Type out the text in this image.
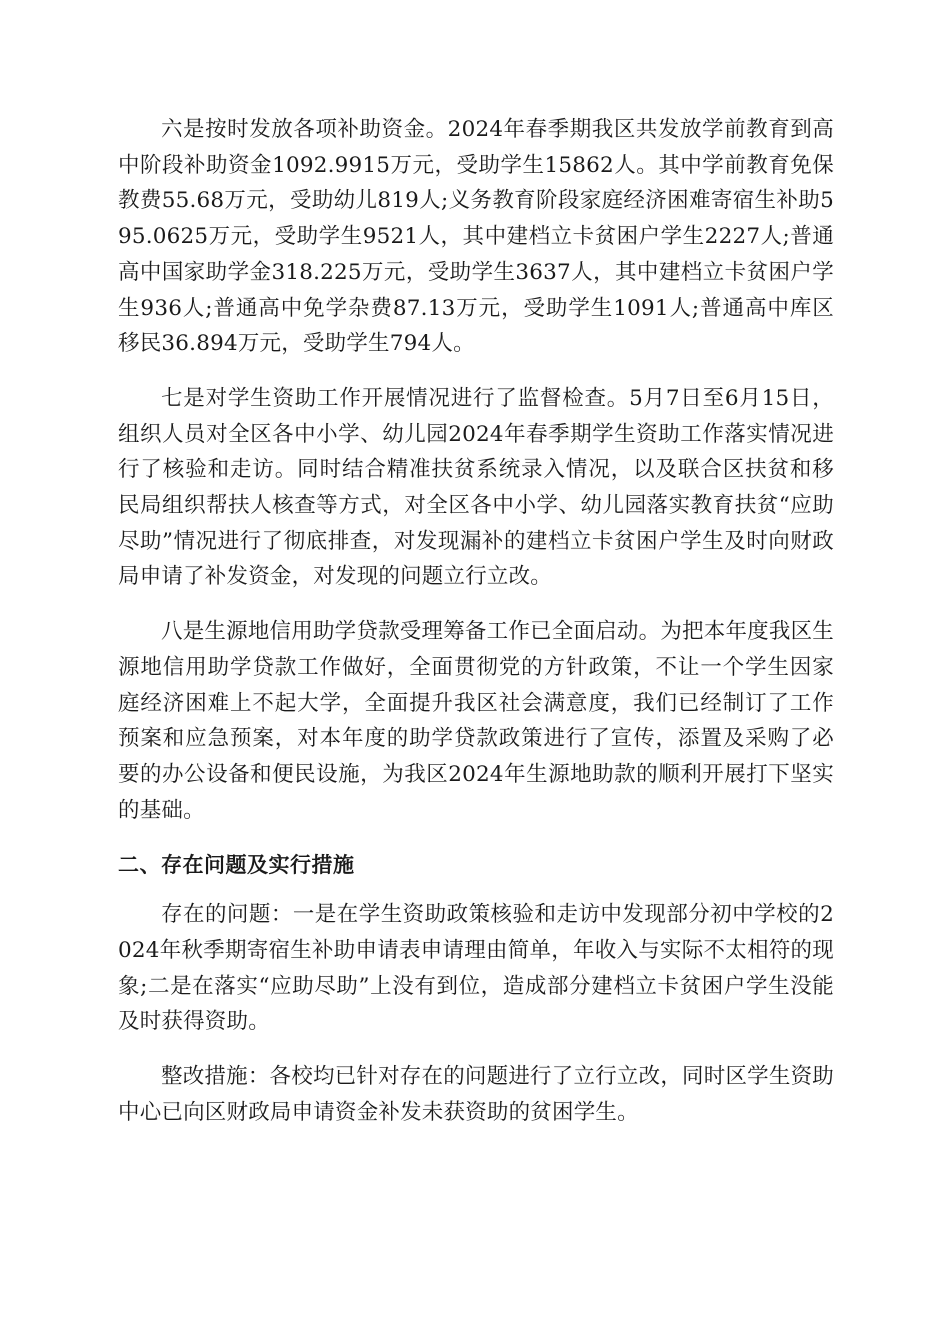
六是按时发放各项补助资金。2024年春季期我区共发放学前教育到高中阶段补助资金1092.9915万元，受助学生15862人。其中学前教育免保教费55.68万元，受助幼儿819人;义务教育阶段家庭经济困难寄宿生补助595.0625万元，受助学生9521人，其中建档立卡贫困户学生2227人;普通高中国家助学金318.225万元，受助学生3637人，其中建档立卡贫困户学生936人;普通高中免学杂费87.13万元，受助学生1091人;普通高中库区移民36.894万元，受助学生794人。

七是对学生资助工作开展情况进行了监督检查。5月7日至6月15日，组织人员对全区各中小学、幼儿园2024年春季期学生资助工作落实情况进行了核验和走访。同时结合精准扶贫系统录入情况，以及联合区扶贫和移民局组织帮扶人核查等方式，对全区各中小学、幼儿园落实教育扶贫“应助尽助”情况进行了彻底排查，对发现漏补的建档立卡贫困户学生及时向财政局申请了补发资金，对发现的问题立行立改。

八是生源地信用助学贷款受理筹备工作已全面启动。为把本年度我区生源地信用助学贷款工作做好，全面贯彻党的方针政策，不让一个学生因家庭经济困难上不起大学，全面提升我区社会满意度，我们已经制订了工作预案和应急预案，对本年度的助学贷款政策进行了宣传，添置及采购了必要的办公设备和便民设施，为我区2024年生源地助款的顺利开展打下坚实的基础。

二、存在问题及实行措施

存在的问题：一是在学生资助政策核验和走访中发现部分初中学校的2024年秋季期寄宿生补助申请表申请理由简单，年收入与实际不太相符的现象;二是在落实“应助尽助”上没有到位，造成部分建档立卡贫困户学生没能及时获得资助。

整改措施：各校均已针对存在的问题进行了立行立改，同时区学生资助中心已向区财政局申请资金补发未获资助的贫困学生。
